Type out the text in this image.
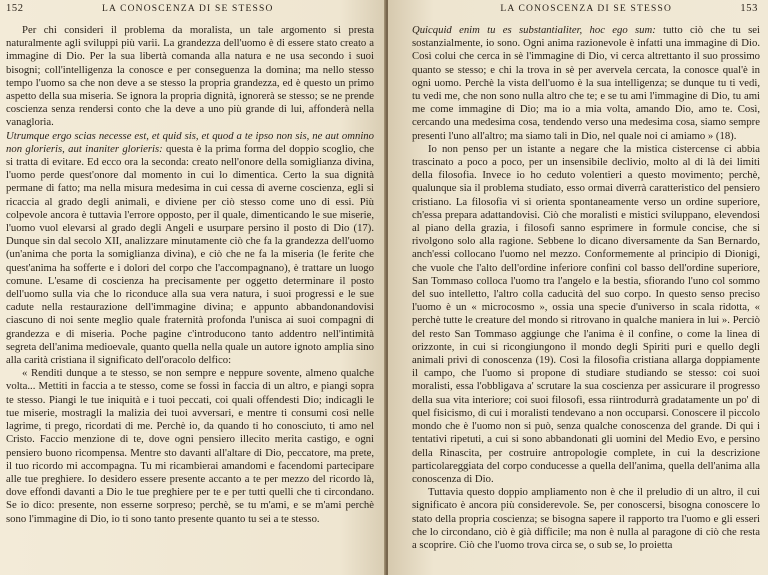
152	LA CONOSCENZA DI SE STESSO

Per chi consideri il problema da moralista, un tale argomento si presta naturalmente agli sviluppi più varii. La grandezza dell'uomo è di essere stato creato a immagine di Dio. Per la sua libertà comanda alla natura e ne usa secondo i suoi bisogni; coll'intelligenza la conosce e per conseguenza la domina; ma nello stesso tempo l'uomo sa che non deve a se stesso la propria grandezza, ed è questo un primo aspetto della sua miseria. Se ignora la propria dignità, ignorerà se stesso; se ne prende coscienza senza rendersi conto che la deve a uno più grande di lui, affonderà nella vanagloria.

Utrumque ergo scias necesse est, et quid sis, et quod a te ipso non sis, ne aut omnino non glorieris, aut inaniter glorieris:

questa è la prima forma del doppio scoglio, che si tratta di evitare. Ed ecco ora la seconda: creato nell'onore della somiglianza divina, l'uomo perde quest'onore dal momento in cui lo dimentica. Certo la sua dignità permane di fatto; ma nella misura medesima in cui cessa di averne coscienza, egli si ricaccia al grado degli animali, e diviene per ciò stesso come uno di essi. Più colpevole ancora è tuttavia l'errore opposto, per il quale, dimenticando le sue miserie, l'uomo vuol elevarsi al grado degli Angeli e usurpare persino il posto di Dio (17). Dunque sin dal secolo XII, analizzare minutamente ciò che fa la grandezza dell'uomo (un'anima che porta la somiglianza divina), e ciò che ne fa la miseria (le ferite che quest'anima ha sofferte e i dolori del corpo che l'accompagnano), è trattare un luogo comune. L'esame di coscienza ha precisamente per oggetto determinare il posto dell'uomo sulla via che lo riconduce alla sua vera natura, i suoi progressi e le sue cadute nella restaurazione dell'immagine divina; e appunto abbandonandovisi ciascuno di noi sente meglio quale fraternità profonda l'unisca ai suoi compagni di grandezza e di miseria. Poche pagine c'introducono tanto addentro nell'intimità segreta dell'anima medioevale, quanto quella nella quale un autore ignoto amplia sino alla carità cristiana il significato dell'oracolo delfico:

« Renditi dunque a te stesso, se non sempre e neppure sovente, almeno qualche volta... Mettiti in faccia a te stesso, come se fossi in faccia di un altro, e piangi sopra te stesso. Piangi le tue iniquità e i tuoi peccati, coi quali offendesti Dio; indicagli le tue miserie, mostragli la malizia dei tuoi avversari, e mentre ti consumi così nelle lagrime, ti prego, ricordati di me. Perchè io, da quando ti ho conosciuto, ti amo nel Cristo. Faccio menzione di te, dove ogni pensiero illecito merita castigo, e ogni pensiero buono ricompensa. Mentre sto davanti all'altare di Dio, peccatore, ma prete, il tuo ricordo mi accompagna. Tu mi ricambierai amandomi e facendomi partecipare alle tue preghiere. Io desidero essere presente accanto a te per mezzo del ricordo là, dove effondi davanti a Dio le tue preghiere per te e per tutti quelli che ti circondano. Se io dico: presente, non esserne sorpreso; perchè, se tu m'ami, e se m'ami perchè sono l'immagine di Dio, io ti sono tanto presente quanto tu sei a te stesso.

LA CONOSCENZA DI SE STESSO	153

Quicquid enim tu es substantialiter, hoc ego sum:

tutto ciò che tu sei sostanzialmente, io sono. Ogni anima razionevole è infatti una immagine di Dio. Così colui che cerca in sè l'immagine di Dio, vi cerca altrettanto il suo prossimo quanto se stesso; e chi la trova in sè per avervela cercata, la conosce qual'è in ogni uomo. Perchè la vista dell'uomo è la sua intelligenza; se dunque tu ti vedi, tu vedi me, che non sono nulla altro che te; e se tu ami l'immagine di Dio, tu ami me come immagine di Dio; ma io a mia volta, amando Dio, amo te. Così, cercando una medesima cosa, tendendo verso una medesima cosa, siamo sempre presenti l'uno all'altro; ma siamo tali in Dio, nel quale noi ci amiamo » (18).

Io non penso per un istante a negare che la mistica cistercense ci abbia trascinato a poco a poco, per un insensibile declivio, molto al di là dei limiti della filosofia. Invece io ho ceduto volentieri a questo movimento; perchè, qualunque sia il problema studiato, esso ormai diverrà caratteristico del pensiero cristiano. La filosofia vi si orienta spontaneamente verso un ordine superiore, ch'essa prepara adattandovisi. Ciò che moralisti e mistici sviluppano, elevendosi al piano della grazia, i filosofi sanno esprimere in formule concise, che si rivolgono solo alla ragione. Sebbene lo dicano diversamente da San Bernardo, anch'essi collocano l'uomo nel mezzo. Conformemente al principio di Dionigi, che vuole che l'alto dell'ordine inferiore confini col basso dell'ordine superiore, San Tommaso colloca l'uomo tra l'angelo e la bestia, sfiorando l'uno col sommo del suo intelletto, l'altro colla caducità del suo corpo. In questo senso preciso l'uomo è un « microcosmo », ossia una specie d'universo in scala ridotta, « perchè tutte le creature del mondo si ritrovano in qualche maniera in lui ». Perciò del resto San Tommaso aggiunge che l'anima è il confine, o come la linea di orizzonte, in cui si ricongiungono il mondo degli Spiriti puri e quello degli animali privi di conoscenza (19). Così la filosofia cristiana allarga doppiamente il campo, che l'uomo si propone di studiare studiando se stesso: coi suoi moralisti, essa l'obbligava a' scrutare la sua coscienza per assicurare il progresso della sua vita interiore; coi suoi filosofi, essa riintrodurrà gradatamente un po' di quel fisicismo, di cui i moralisti tendevano a non occuparsi. Conoscere il piccolo mondo che è l'uomo non si può, senza qualche conoscenza del grande. Di qui i tentativi ripetuti, a cui si sono abbandonati gli uomini del Medio Evo, e persino della Rinascita, per costruire antropologie complete, in cui la descrizione particolareggiata del corpo conducesse a quella dell'anima, quella dell'anima alla conoscenza di Dio.

Tuttavia questo doppio ampliamento non è che il preludio di un altro, il cui significato è ancora più considerevole. Se, per conoscersi, bisogna conoscere lo stato della propria coscienza; se bisogna sapere il rapporto tra l'uomo e gli esseri che lo circondano, ciò è già difficile; ma non è nulla al paragone di ciò che resta a scoprire. Ciò che l'uomo trova circa se, o sub se, lo proietta
